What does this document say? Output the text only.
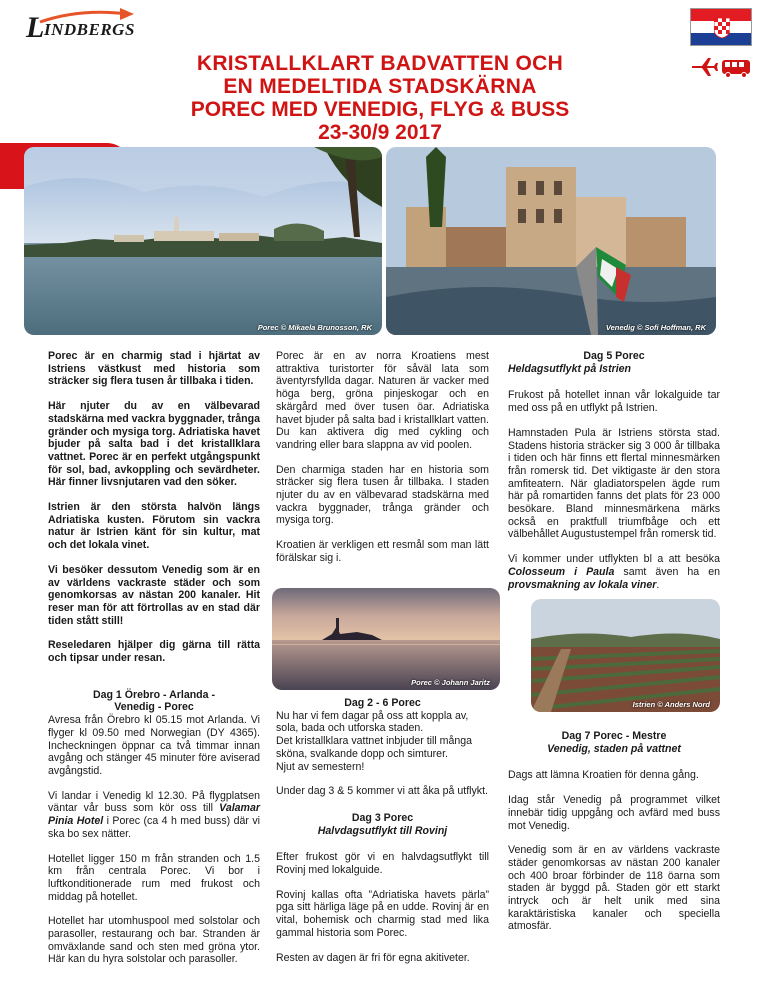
L INDBERGS
KRISTALLKLART BADVATTEN OCH
EN MEDELTIDA STADSKÄRNA
POREC MED VENEDIG, FLYG & BUSS
23-30/9 2017
Porec © Mikaela Brunosson, RK	Venedig © Sofi Hoffman, RK

Porec är en charmig stad i hjärtat av Istriens västkust med historia som sträcker sig flera tusen år tillbaka i tiden.

Här njuter du av en välbevarad stadskärna med vackra byggnader, trånga gränder och mysiga torg. Adriatiska havet bjuder på salta bad i det kristallklara vattnet. Porec är en perfekt utgångspunkt för sol, bad, avkoppling och sevärdheter. Här finner livsnjutaren vad den söker.

Istrien är den största halvön längs Adriatiska kusten. Förutom sin vackra natur är Istrien känt för sin kultur, mat och det lokala vinet.

Vi besöker dessutom Venedig som är en av världens vackraste städer och som genomkorsas av nästan 200 kanaler. Hit reser man för att förtrollas av en stad där tiden stått still!

Reseledaren hjälper dig gärna till rätta och tipsar under resan.

Dag 1 Örebro - Arlanda -
Venedig - Porec

Avresa från Örebro kl 05.15 mot Arlanda. Vi flyger kl 09.50 med Norwegian (DY 4365). Incheckningen öppnar ca två timmar innan avgång och stänger 45 minuter före aviserad avgångstid.

Vi landar i Venedig kl 12.30. På flygplatsen väntar vår buss som kör oss till Valamar Pinia Hotel i Porec (ca 4 h med buss) där vi ska bo sex nätter.

Hotellet ligger 150 m från stranden och 1.5 km från centrala Porec. Vi bor i luftkonditionerade rum med frukost och middag på hotellet.

Hotellet har utomhuspool med solstolar och parasoller, restaurang och bar. Stranden är omväxlande sand och sten med gröna ytor. Här kan du hyra solstolar och parasoller.

Porec är en av norra Kroatiens mest attraktiva turistorter för såväl lata som äventyrsfyllda dagar. Naturen är vacker med höga berg, gröna pinjeskogar och en skärgård med över tusen öar. Adriatiska havet bjuder på salta bad i kristallklart vatten. Du kan aktivera dig med cykling och vandring eller bara slappna av vid poolen.

Den charmiga staden har en historia som sträcker sig flera tusen år tillbaka. I staden njuter du av en välbevarad stadskärna med vackra byggnader, trånga gränder och mysiga torg.

Kroatien är verkligen ett resmål som man lätt förälskar sig i.

Porec © Johann Jaritz
Dag 2 - 6 Porec
Nu har vi fem dagar på oss att koppla av, sola, bada och utforska staden.
Det kristallklara vattnet inbjuder till många sköna, svalkande dopp och simturer.

Njut av semestern!

Under dag 3 & 5 kommer vi att åka på utflykt.

Dag 3 Porec
Halvdagsutflykt till Rovinj

Efter frukost gör vi en halvdagsutflykt till Rovinj med lokalguide.

Rovinj kallas ofta ”Adriatiska havets pärla” pga sitt härliga läge på en udde. Rovinj är en vital, bohemisk och charmig stad med lika gammal historia som Porec.

Resten av dagen är fri för egna akitiveter.

Dag 5 Porec
Heldagsutflykt på Istrien

Frukost på hotellet innan vår lokalguide tar med oss på en utflykt på Istrien.

Hamnstaden Pula är Istriens största stad. Stadens historia sträcker sig 3 000 år tillbaka i tiden och här finns ett flertal minnesmärken från romersk tid. Det viktigaste är den stora amfiteatern. När gladiatorspelen ägde rum här på romartiden fanns det plats för 23 000 besökare. Bland minnesmärkena märks också en praktfull triumfbåge och ett välbehållet Augustustempel från romersk tid.

Vi kommer under utflykten bl a att besöka Colosseum i Paula samt även ha en provsmakning av lokala viner.

Istrien © Anders Nord
Dag 7 Porec - Mestre
Venedig, staden på vattnet

Dags att lämna Kroatien för denna gång.

Idag står Venedig på programmet vilket innebär tidig uppgång och avfärd med buss mot Venedig.

Venedig som är en av världens vackraste städer genomkorsas av nästan 200 kanaler och 400 broar förbinder de 118 öarna som staden är byggd på. Staden gör ett starkt intryck och är helt unik med sina karaktäristiska kanaler och speciella atmosfär.
